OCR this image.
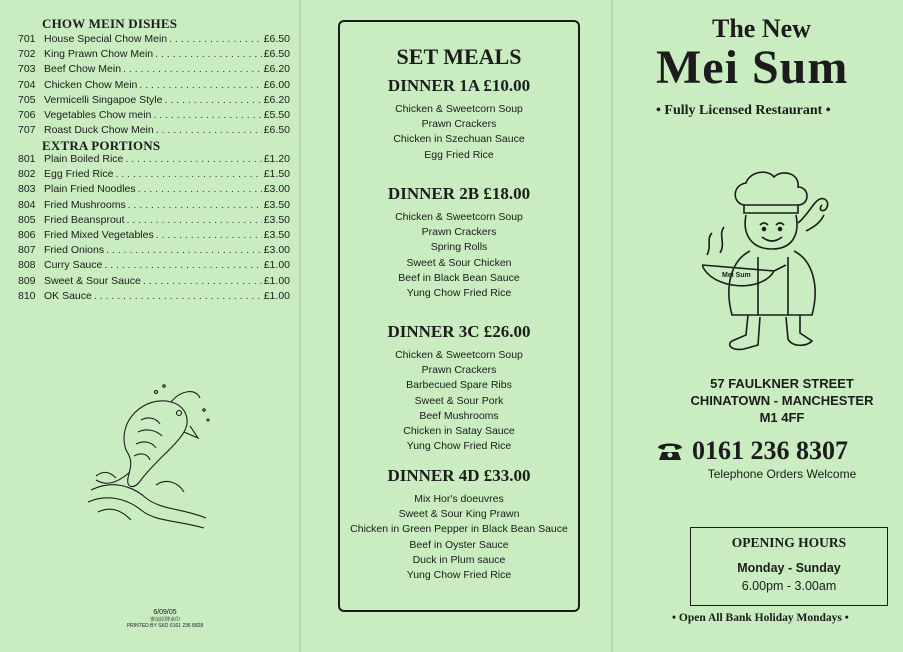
CHOW MEIN DISHES
701 House Special Chow Mein . . .	£6.50
702 King Prawn Chow Mein . . .	£6.50
703 Beef Chow Mein . . .	£6.20
704 Chicken Chow Mein . . .	£6.00
705 Vermicelli Singapoe Style . . .	£6.20
706 Vegetables Chow mein . . .	£5.50
707 Roast Duck Chow Mein . . .	£6.50
EXTRA PORTIONS
801 Plain Boiled Rice . . .	£1.20
802 Egg Fried Rice . . .	£1.50
803 Plain Fried Noodles . . .	£3.00
804 Fried Mushrooms . . .	£3.50
805 Fried Beansprout . . .	£3.50
806 Fried Mixed Vegetables . . .	£3.50
807 Fried Onions . . .	£3.00
808 Curry Sauce . . .	£1.00
809 Sweet & Sour Sauce . . .	£1.00
810 OK Sauce . . .	£1.00
6/09/05
寥浪原牌承印
PRINTED BY SKD 0161 236 8828
SET MEALS
DINNER 1A £10.00
Chicken & Sweetcorn Soup
Prawn Crackers
Chicken in Szechuan Sauce
Egg Fried Rice
DINNER 2B £18.00
Chicken & Sweetcorn Soup
Prawn Crackers
Spring Rolls
Sweet & Sour Chicken
Beef in Black Bean Sauce
Yung Chow Fried Rice
DINNER 3C £26.00
Chicken & Sweetcorn Soup
Prawn Crackers
Barbecued Spare Ribs
Sweet & Sour Pork
Beef Mushrooms
Chicken in Satay Sauce
Yung Chow Fried Rice
DINNER 4D £33.00
Mix Hor's doeuvres
Sweet & Sour King Prawn
Chicken in Green Pepper in Black Bean Sauce
Beef in Oyster Sauce
Duck in Plum sauce
Yung Chow Fried Rice
The New
Mei Sum
• Fully Licensed Restaurant •
Mei Sum
57 FAULKNER STREET
CHINATOWN - MANCHESTER
M1 4FF
0161 236 8307
Telephone Orders Welcome
OPENING HOURS
Monday - Sunday
6.00pm - 3.00am
• Open All Bank Holiday Mondays •
